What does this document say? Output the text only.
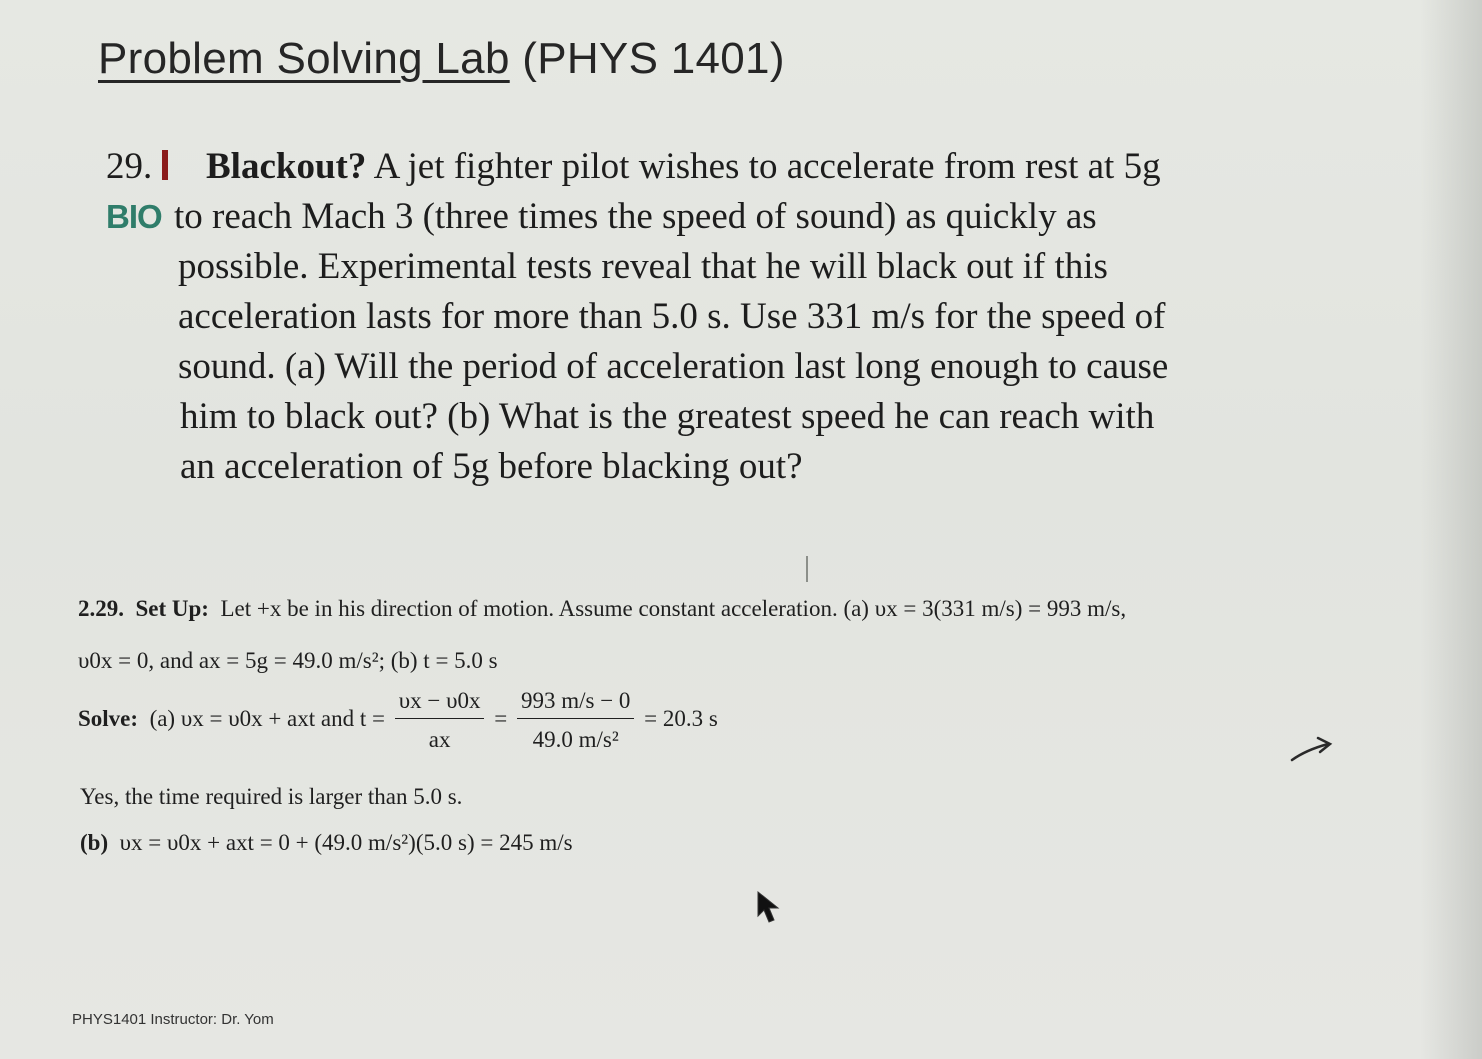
Problem Solving Lab (PHYS 1401)
29.
BIO
Blackout? A jet fighter pilot wishes to accelerate from rest at 5g
to reach Mach 3 (three times the speed of sound) as quickly as
possible. Experimental tests reveal that he will black out if this
acceleration lasts for more than 5.0 s. Use 331 m/s for the speed of
sound. (a) Will the period of acceleration last long enough to cause
him to black out? (b) What is the greatest speed he can reach with
an acceleration of 5g before blacking out?
2.29. Set Up: Let +x be in his direction of motion. Assume constant acceleration. (a) υx = 3(331 m/s) = 993 m/s,
υ0x = 0, and ax = 5g = 49.0 m/s²; (b) t = 5.0 s
Solve: (a) υx = υ0x + axt and $t = \frac{\upsilon x - \upsilon 0x}{ax} = \frac{993 m/s - 0}{\text{49.0 m/s²}} = 20.3$ s
Yes, the time required is larger than 5.0 s.
(b) υx = υ0x + axt = 0 + (49.0 m/s²)(5.0 s) = 245 m/s
PHYS1401 Instructor: Dr. Yom
